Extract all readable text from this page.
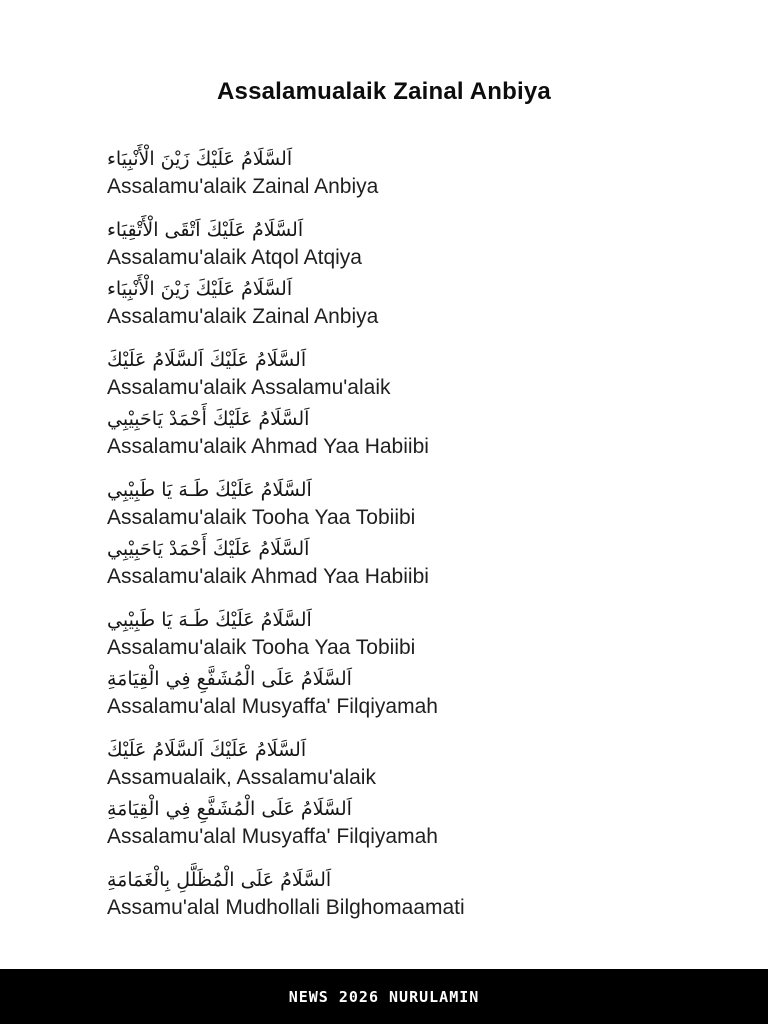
Assalamualaik Zainal Anbiya
اَلسَّلَامُ عَلَيْكَ زَيْنَ الْأَنْبِيَاء
Assalamu'alaik Zainal Anbiya
اَلسَّلَامُ عَلَيْكَ اَتْقَى الْأَتْقِيَاء
Assalamu'alaik Atqol Atqiya
اَلسَّلَامُ عَلَيْكَ زَيْنَ الْأَنْبِيَاء
Assalamu'alaik Zainal Anbiya
اَلسَّلَامُ عَلَيْكَ اَلسَّلَامُ عَلَيْكَ
Assalamu'alaik Assalamu'alaik
اَلسَّلَامُ عَلَيْكَ أَحْمَدْ يَاحَبِيْبِي
Assalamu'alaik Ahmad Yaa Habiibi
اَلسَّلَامُ عَلَيْكَ طَـهَ يَا طَبِيْبِي
Assalamu'alaik Tooha Yaa Tobiibi
اَلسَّلَامُ عَلَيْكَ أَحْمَدْ يَاحَبِيْبِي
Assalamu'alaik Ahmad Yaa Habiibi
اَلسَّلَامُ عَلَيْكَ طَـهَ يَا طَبِيْبِي
Assalamu'alaik Tooha Yaa Tobiibi
اَلسَّلَامُ عَلَى الْمُشَفَّعِ فِي الْقِيَامَةِ
Assalamu'alal Musyaffa' Filqiyamah
اَلسَّلَامُ عَلَيْكَ اَلسَّلَامُ عَلَيْكَ
Assamualaik, Assalamu'alaik
اَلسَّلَامُ عَلَى الْمُشَفَّعِ فِي الْقِيَامَةِ
Assalamu'alal Musyaffa' Filqiyamah
اَلسَّلَامُ عَلَى الْمُظَلَّلِ بِالْغَمَامَةِ
Assamu'alal Mudhollali Bilghomaamati
NEWS 2026 NURULAMIN
